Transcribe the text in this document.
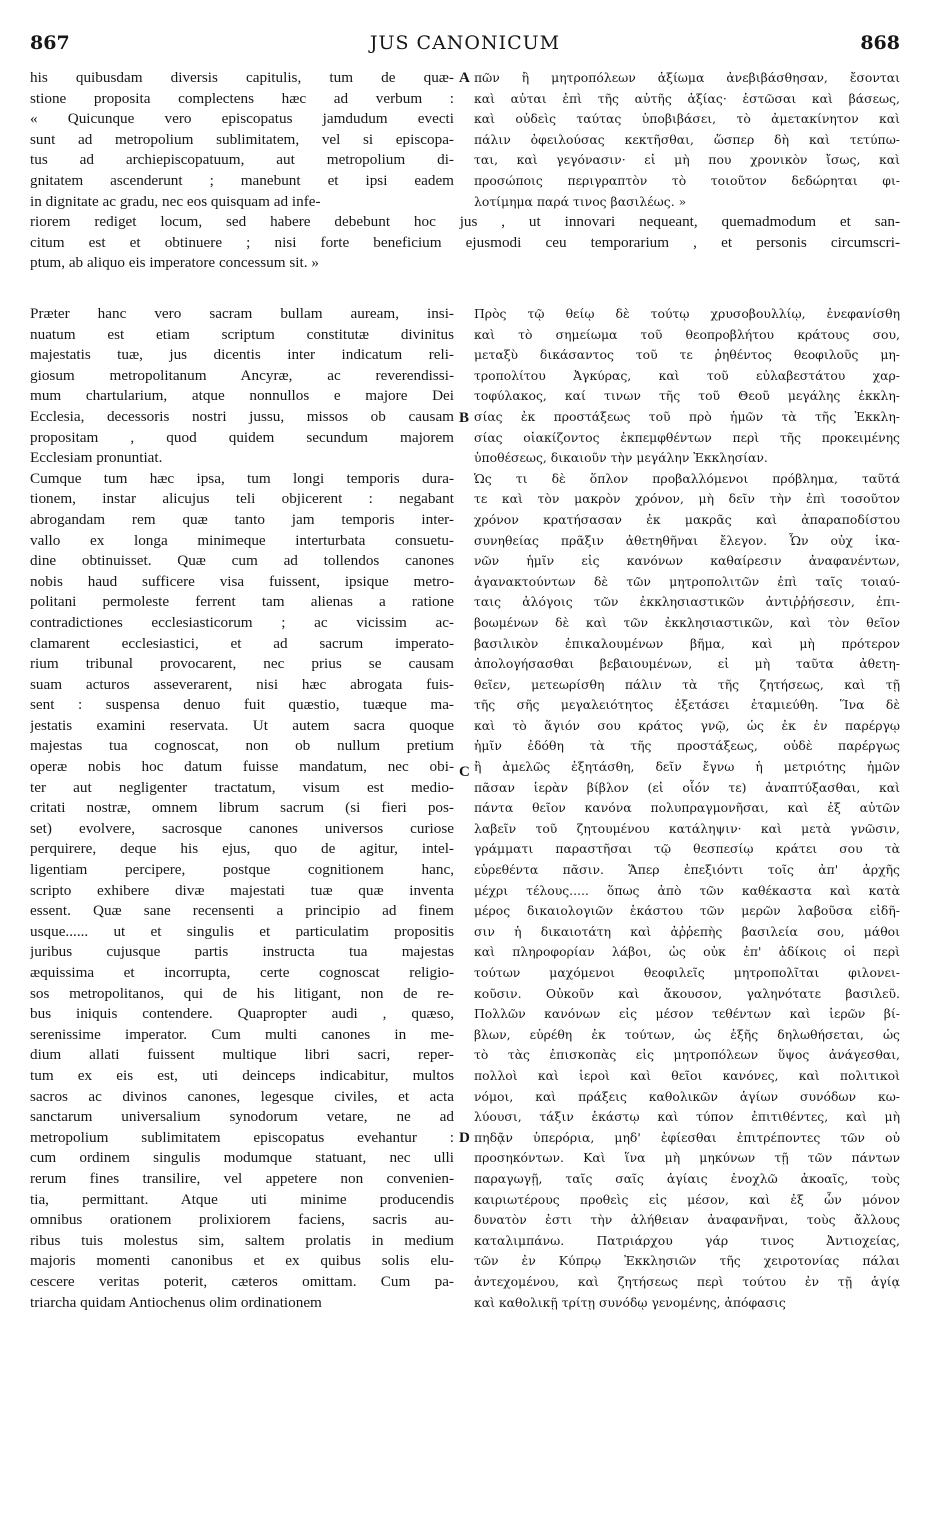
867	JUS CANONICUM	868
his quibusdam diversis capitulis, tum de quæ-
stione proposita complectens hæc ad verbum :
« Quicunque vero episcopatus jamdudum evecti
sunt ad metropolium sublimitatem, vel si episcopa-
tus ad archiepiscopatuum, aut metropolium di-
gnitatem ascenderunt ; manebunt et ipsi eadem
in dignitate ac gradu, nec eos quisquam ad infe-
πῶν ἢ μητροπόλεων ἀξίωμα ἀνεβιβάσθησαν, ἔσονται
καὶ αὐται ἐπὶ τῆς αὐτῆς ἀξίας· ἑστῶσαι καὶ βάσεως,
καὶ οὐδεὶς ταύτας ὑποβιβάσει, τὸ ἀμετακίνητον καὶ
πάλιν ὀφειλούσας κεκτῆσθαι, ὥσπερ δὴ καὶ τετύπω-
ται, καὶ γεγόνασιν· εἰ μὴ που χρονικὸν ἴσως, καὶ
προσώποις περιγραπτὸν τὸ τοιοῦτον δεδώρηται φι-
λοτίμημα παρά τινος βασιλέως. »
riorem rediget locum, sed habere debebunt hoc jus , ut innovari nequeant, quemadmodum et san-
citum est et obtinuere ; nisi forte beneficium ejusmodi ceu temporarium , et personis circumscri-
ptum, ab aliquo eis imperatore concessum sit. »
Præter hanc vero sacram bullam auream, insi-
nuatum est etiam scriptum constitutæ divinitus
majestatis tuæ, jus dicentis inter indicatum reli-
giosum metropolitanum Ancyræ, ac reverendissi-
mum chartularium, atque nonnullos e majore Dei
Ecclesia, decessoris nostri jussu, missos ob causam
propositam , quod quidem secundum majorem
Ecclesiam pronuntiat.
Cumque tum hæc ipsa, tum longi temporis dura-
tionem, instar alicujus teli objicerent : negabant
abrogandam rem quæ tanto jam temporis inter-
vallo ex longa minimeque interturbata consuetu-
dine obtinuisset. Quæ cum ad tollendos canones
nobis haud sufficere visa fuissent, ipsique metro-
politani permoleste ferrent tam alienas a ratione
contradictiones ecclesiasticorum ; ac vicissim ac-
clamarent ecclesiastici, et ad sacrum imperato-
rium tribunal provocarent, nec prius se causam
suam acturos asseverarent, nisi hæc abrogata fuis-
sent : suspensa denuo fuit quæstio, tuæque ma-
jestatis examini reservata. Ut autem sacra quoque
majestas tua cognoscat, non ob nullum pretium
operæ nobis hoc datum fuisse mandatum, nec obi-
ter aut negligenter tractatum, visum est medio-
critati nostræ, omnem librum sacrum (si fieri pos-
set) evolvere, sacrosque canones universos curiose
perquirere, deque his ejus, quo de agitur, intel-
ligentiam percipere, postque cognitionem hanc,
scripto exhibere divæ majestati tuæ quæ inventa
essent. Quæ sane recensenti a principio ad finem
usque...... ut et singulis et particulatim propositis
juribus cujusque partis instructa tua majestas
æquissima et incorrupta, certe cognoscat religio-
sos metropolitanos, qui de his litigant, non de re-
bus iniquis contendere. Quapropter audi , quæso,
serenissime imperator. Cum multi canones in me-
dium allati fuissent multique libri sacri, reper-
tum ex eis est, uti deinceps indicabitur, multos
sacros ac divinos canones, legesque civiles, et acta
sanctarum universalium synodorum vetare, ne ad
metropolium sublimitatem episcopatus evehantur :
cum ordinem singulis modumque statuant, nec ulli
rerum fines transilire, vel appetere non convenien-
tia, permittant. Atque uti minime producendis
omnibus orationem prolixiorem faciens, sacris au-
ribus tuis molestus sim, saltem prolatis in medium
majoris momenti canonibus et ex quibus solis elu-
cescere veritas poterit, cæteros omittam. Cum pa-
triarcha quidam Antiochenus olim ordinationem
Πρὸς τῷ θείῳ δὲ τούτῳ χρυσοβουλλίῳ, ἐνεφανίσθη
καὶ τὸ σημείωμα τοῦ θεοπροβλήτου κράτους σου,
μεταξὺ δικάσαντος τοῦ τε ῥηθέντος θεοφιλοῦς μη-
τροπολίτου Ἀγκύρας, καὶ τοῦ εὐλαβεστάτου χαρ-
τοφύλακος, καί τινων τῆς τοῦ Θεοῦ μεγάλης ἐκκλη-
σίας ἐκ προστάξεως τοῦ πρὸ ἡμῶν τὰ τῆς Ἐκκλη-
σίας οἰακίζοντος ἐκπεμφθέντων περὶ τῆς προκειμένης
ὑποθέσεως, δικαιοῦν τὴν μεγάλην Ἐκκλησίαν.
Ὡς τι δὲ ὅπλον προβαλλόμενοι πρόβλημα, ταῦτά
τε καὶ τὸν μακρὸν χρόνον, μὴ δεῖν τὴν ἐπὶ τοσοῦτον
χρόνον κρατήσασαν ἐκ μακρᾶς καὶ ἀπαραποδίστου
συνηθείας πρᾶξιν ἀθετηθῆναι ἔλεγον. Ὧν οὐχ ἱκα-
νῶν ἡμῖν εἰς κανόνων καθαίρεσιν ἀναφανέντων,
ἀγανακτούντων δὲ τῶν μητροπολιτῶν ἐπὶ ταῖς τοιαύ-
ταις ἀλόγοις τῶν ἐκκλησιαστικῶν ἀντιῤῥήσεσιν, ἐπι-
βοωμένων δὲ καὶ τῶν ἐκκλησιαστικῶν, καὶ τὸν θεῖον
βασιλικὸν ἐπικαλουμένων βῆμα, καὶ μὴ πρότερον
ἀπολογήσασθαι βεβαιουμένων, εἰ μὴ ταῦτα ἀθετη-
θεῖεν, μετεωρίσθη πάλιν τὰ τῆς ζητήσεως, καὶ τῇ
τῆς σῆς μεγαλειότητος ἐξετάσει ἐταμιεύθη. Ἵνα δὲ
καὶ τὸ ἅγιόν σου κράτος γνῷ, ὡς ἐκ ἐν παρέργῳ
ἡμῖν ἐδόθη τὰ τῆς προστάξεως, οὐδὲ παρέργως
ἢ ἀμελῶς ἐξητάσθη, δεῖν ἔγνω ἡ μετριότης ἡμῶν
πᾶσαν ἱερὰν βίβλον (εἰ οἷόν τε) ἀναπτύξασθαι, καὶ
πάντα θεῖον κανόνα πολυπραγμονῆσαι, καὶ ἐξ αὐτῶν
λαβεῖν τοῦ ζητουμένου κατάληψιν· καὶ μετὰ γνῶσιν,
γράμματι παραστῆσαι τῷ θεσπεσίῳ κράτει σου τὰ
εὑρεθέντα πᾶσιν. Ἅπερ ἐπεξιόντι τοῖς ἀπ' ἀρχῆς
μέχρι τέλους..... ὅπως ἀπὸ τῶν καθέκαστα καὶ κατὰ
μέρος δικαιολογιῶν ἑκάστου τῶν μερῶν λαβοῦσα εἰδῆ-
σιν ἡ δικαιοτάτη καὶ ἀῤῥεπὴς βασιλεία σου, μάθοι
καὶ πληροφορίαν λάβοι, ὡς οὐκ ἐπ' ἀδίκοις οἱ περὶ
τούτων μαχόμενοι θεοφιλεῖς μητροπολῖται φιλονει-
κοῦσιν. Οὐκοῦν καὶ ἄκουσον, γαληνότατε βασιλεῦ.
Πολλῶν κανόνων εἰς μέσον τεθέντων καὶ ἱερῶν βί-
βλων, εὑρέθη ἐκ τούτων, ὡς ἑξῆς δηλωθήσεται, ὡς
τὸ τὰς ἐπισκοπὰς εἰς μητροπόλεων ὕψος ἀνάγεσθαι,
πολλοὶ καὶ ἱεροὶ καὶ θεῖοι κανόνες, καὶ πολιτικοὶ
νόμοι, καὶ πράξεις καθολικῶν ἁγίων συνόδων κω-
λύουσι, τάξιν ἑκάστῳ καὶ τύπον ἐπιτιθέντες, καὶ μὴ
πηδᾷν ὑπερόρια, μηδ' ἐφίεσθαι ἐπιτρέποντες τῶν οὐ
προσηκόντων. Καὶ ἵνα μὴ μηκύνων τῇ τῶν πάντων
παραγωγῇ, ταῖς σαῖς ἁγίαις ἐνοχλῶ ἀκοαῖς, τοὺς
καιριωτέρους προθεὶς εἰς μέσον, καὶ ἐξ ὧν μόνον
δυνατὸν ἐστι τὴν ἀλήθειαν ἀναφανῆναι, τοὺς ἄλλους
καταλιμπάνω. Πατριάρχου γάρ τινος Ἀντιοχείας,
τῶν ἐν Κύπρῳ Ἐκκλησιῶν τῆς χειροτονίας πάλαι
ἀντεχομένου, καὶ ζητήσεως περὶ τούτου ἐν τῇ ἁγίᾳ
καὶ καθολικῇ τρίτῃ συνόδῳ γενομένης, ἀπόφασις
A
B
C
D
